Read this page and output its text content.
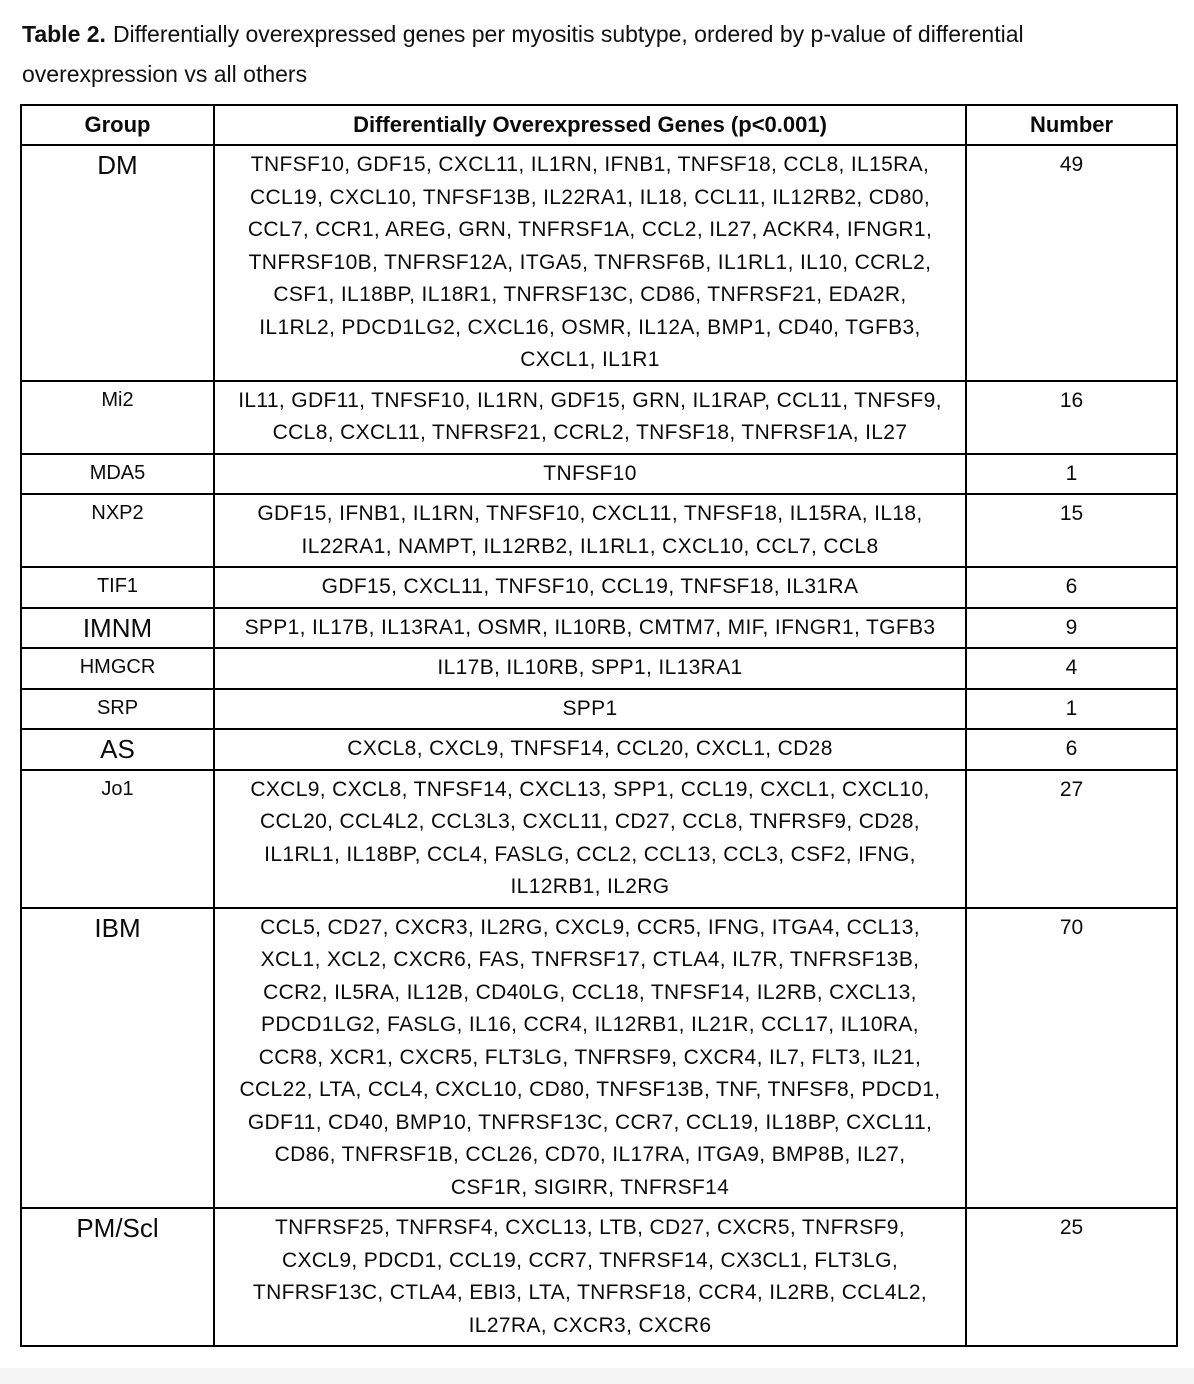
Table 2. Differentially overexpressed genes per myositis subtype, ordered by p-value of differential overexpression vs all others

Group	Differentially Overexpressed Genes (p<0.001)	Number
DM	TNFSF10, GDF15, CXCL11, IL1RN, IFNB1, TNFSF18, CCL8, IL15RA, CCL19, CXCL10, TNFSF13B, IL22RA1, IL18, CCL11, IL12RB2, CD80, CCL7, CCR1, AREG, GRN, TNFRSF1A, CCL2, IL27, ACKR4, IFNGR1, TNFRSF10B, TNFRSF12A, ITGA5, TNFRSF6B, IL1RL1, IL10, CCRL2, CSF1, IL18BP, IL18R1, TNFRSF13C, CD86, TNFRSF21, EDA2R, IL1RL2, PDCD1LG2, CXCL16, OSMR, IL12A, BMP1, CD40, TGFB3, CXCL1, IL1R1	49
Mi2	IL11, GDF11, TNFSF10, IL1RN, GDF15, GRN, IL1RAP, CCL11, TNFSF9, CCL8, CXCL11, TNFRSF21, CCRL2, TNFSF18, TNFRSF1A, IL27	16
MDA5	TNFSF10	1
NXP2	GDF15, IFNB1, IL1RN, TNFSF10, CXCL11, TNFSF18, IL15RA, IL18, IL22RA1, NAMPT, IL12RB2, IL1RL1, CXCL10, CCL7, CCL8	15
TIF1	GDF15, CXCL11, TNFSF10, CCL19, TNFSF18, IL31RA	6
IMNM	SPP1, IL17B, IL13RA1, OSMR, IL10RB, CMTM7, MIF, IFNGR1, TGFB3	9
HMGCR	IL17B, IL10RB, SPP1, IL13RA1	4
SRP	SPP1	1
AS	CXCL8, CXCL9, TNFSF14, CCL20, CXCL1, CD28	6
Jo1	CXCL9, CXCL8, TNFSF14, CXCL13, SPP1, CCL19, CXCL1, CXCL10, CCL20, CCL4L2, CCL3L3, CXCL11, CD27, CCL8, TNFRSF9, CD28, IL1RL1, IL18BP, CCL4, FASLG, CCL2, CCL13, CCL3, CSF2, IFNG, IL12RB1, IL2RG	27
IBM	CCL5, CD27, CXCR3, IL2RG, CXCL9, CCR5, IFNG, ITGA4, CCL13, XCL1, XCL2, CXCR6, FAS, TNFRSF17, CTLA4, IL7R, TNFRSF13B, CCR2, IL5RA, IL12B, CD40LG, CCL18, TNFSF14, IL2RB, CXCL13, PDCD1LG2, FASLG, IL16, CCR4, IL12RB1, IL21R, CCL17, IL10RA, CCR8, XCR1, CXCR5, FLT3LG, TNFRSF9, CXCR4, IL7, FLT3, IL21, CCL22, LTA, CCL4, CXCL10, CD80, TNFSF13B, TNF, TNFSF8, PDCD1, GDF11, CD40, BMP10, TNFRSF13C, CCR7, CCL19, IL18BP, CXCL11, CD86, TNFRSF1B, CCL26, CD70, IL17RA, ITGA9, BMP8B, IL27, CSF1R, SIGIRR, TNFRSF14	70
PM/Scl	TNFRSF25, TNFRSF4, CXCL13, LTB, CD27, CXCR5, TNFRSF9, CXCL9, PDCD1, CCL19, CCR7, TNFRSF14, CX3CL1, FLT3LG, TNFRSF13C, CTLA4, EBI3, LTA, TNFRSF18, CCR4, IL2RB, CCL4L2, IL27RA, CXCR3, CXCR6	25
